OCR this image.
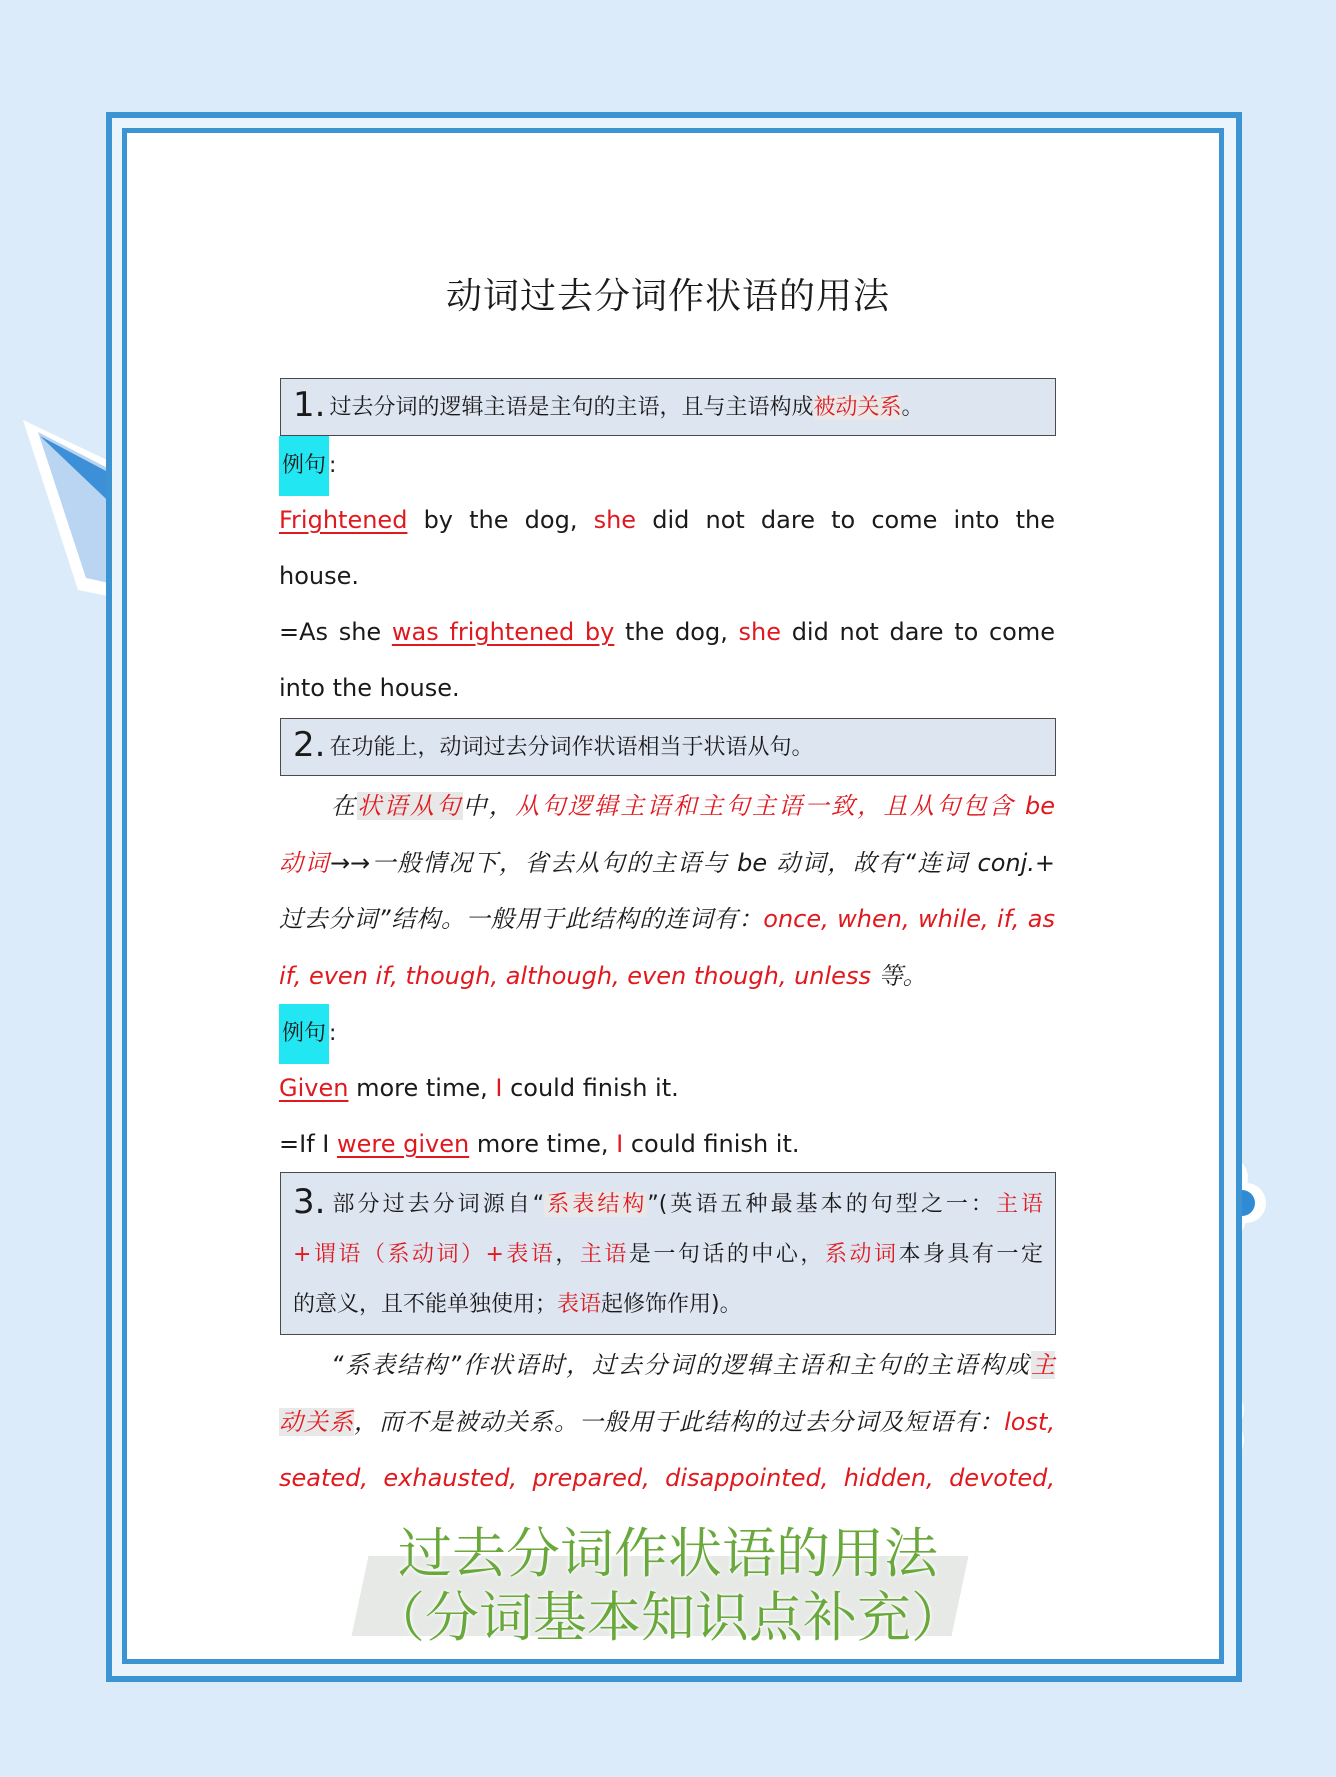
动词过去分词作状语的用法
1. 过去分词的逻辑主语是主句的主语，且与主语构成被动关系。
例句 :
Frightened by the dog, she did not dare to come into the
house.
=As she was frightened by the dog, she did not dare to come
into the house.
2. 在功能上，动词过去分词作状语相当于状语从句。
在状语从句中，从句逻辑主语和主句主语一致，且从句包含 be
动词→→一般情况下，省去从句的主语与 be 动词，故有“连词 conj.+
过去分词”结构。一般用于此结构的连词有：once, when, while, if, as
if, even if, though, although, even though, unless 等。
例句 :
Given more time, I could finish it.
=If I were given more time, I could finish it.
3. 部分过去分词源自“系表结构”(英语五种最基本的句型之一：主语
+谓语（系动词）+表语，主语是一句话的中心，系动词本身具有一定
的意义，且不能单独使用；表语起修饰作用)。
“系表结构”作状语时，过去分词的逻辑主语和主句的主语构成主
动关系，而不是被动关系。一般用于此结构的过去分词及短语有：lost,
seated, exhausted, prepared, disappointed, hidden, devoted,
过去分词作状语的用法
（分词基本知识点补充）
